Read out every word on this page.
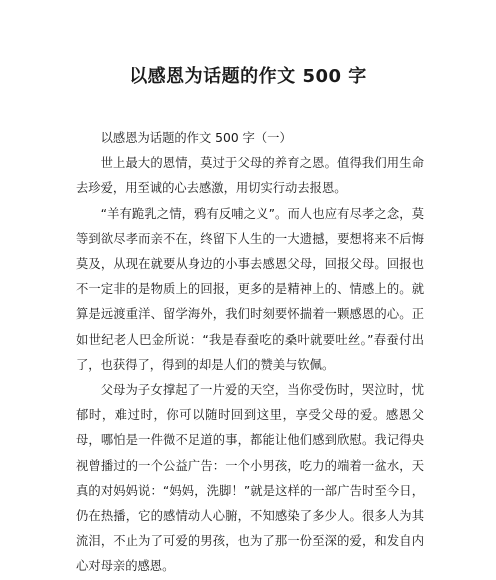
以感恩为话题的作文 500 字

以感恩为话题的作文 500 字（一）

世上最大的恩情，莫过于父母的养育之恩。值得我们用生命去珍爱，用至诚的心去感激，用切实行动去报恩。

“羊有跪乳之情，鸦有反哺之义”。而人也应有尽孝之念，莫等到欲尽孝而亲不在，终留下人生的一大遗撼，要想将来不后悔莫及，从现在就要从身边的小事去感恩父母，回报父母。回报也不一定非的是物质上的回报，更多的是精神上的、情感上的。就算是远渡重洋、留学海外，我们时刻要怀揣着一颗感恩的心。正如世纪老人巴金所说：“我是春蚕吃的桑叶就要吐丝。”春蚕付出了，也获得了，得到的却是人们的赞美与钦佩。

父母为子女撑起了一片爱的天空，当你受伤时，哭泣时，忧郁时，难过时，你可以随时回到这里，享受父母的爱。感恩父母，哪怕是一件微不足道的事，都能让他们感到欣慰。我记得央视曾播过的一个公益广告：一个小男孩，吃力的端着一盆水，天真的对妈妈说：“妈妈，洗脚！”就是这样的一部广告时至今日，仍在热播，它的感情动人心腑，不知感染了多少人。很多人为其流泪，不止为了可爱的男孩，也为了那一份至深的爱，和发自内心对母亲的感恩。
